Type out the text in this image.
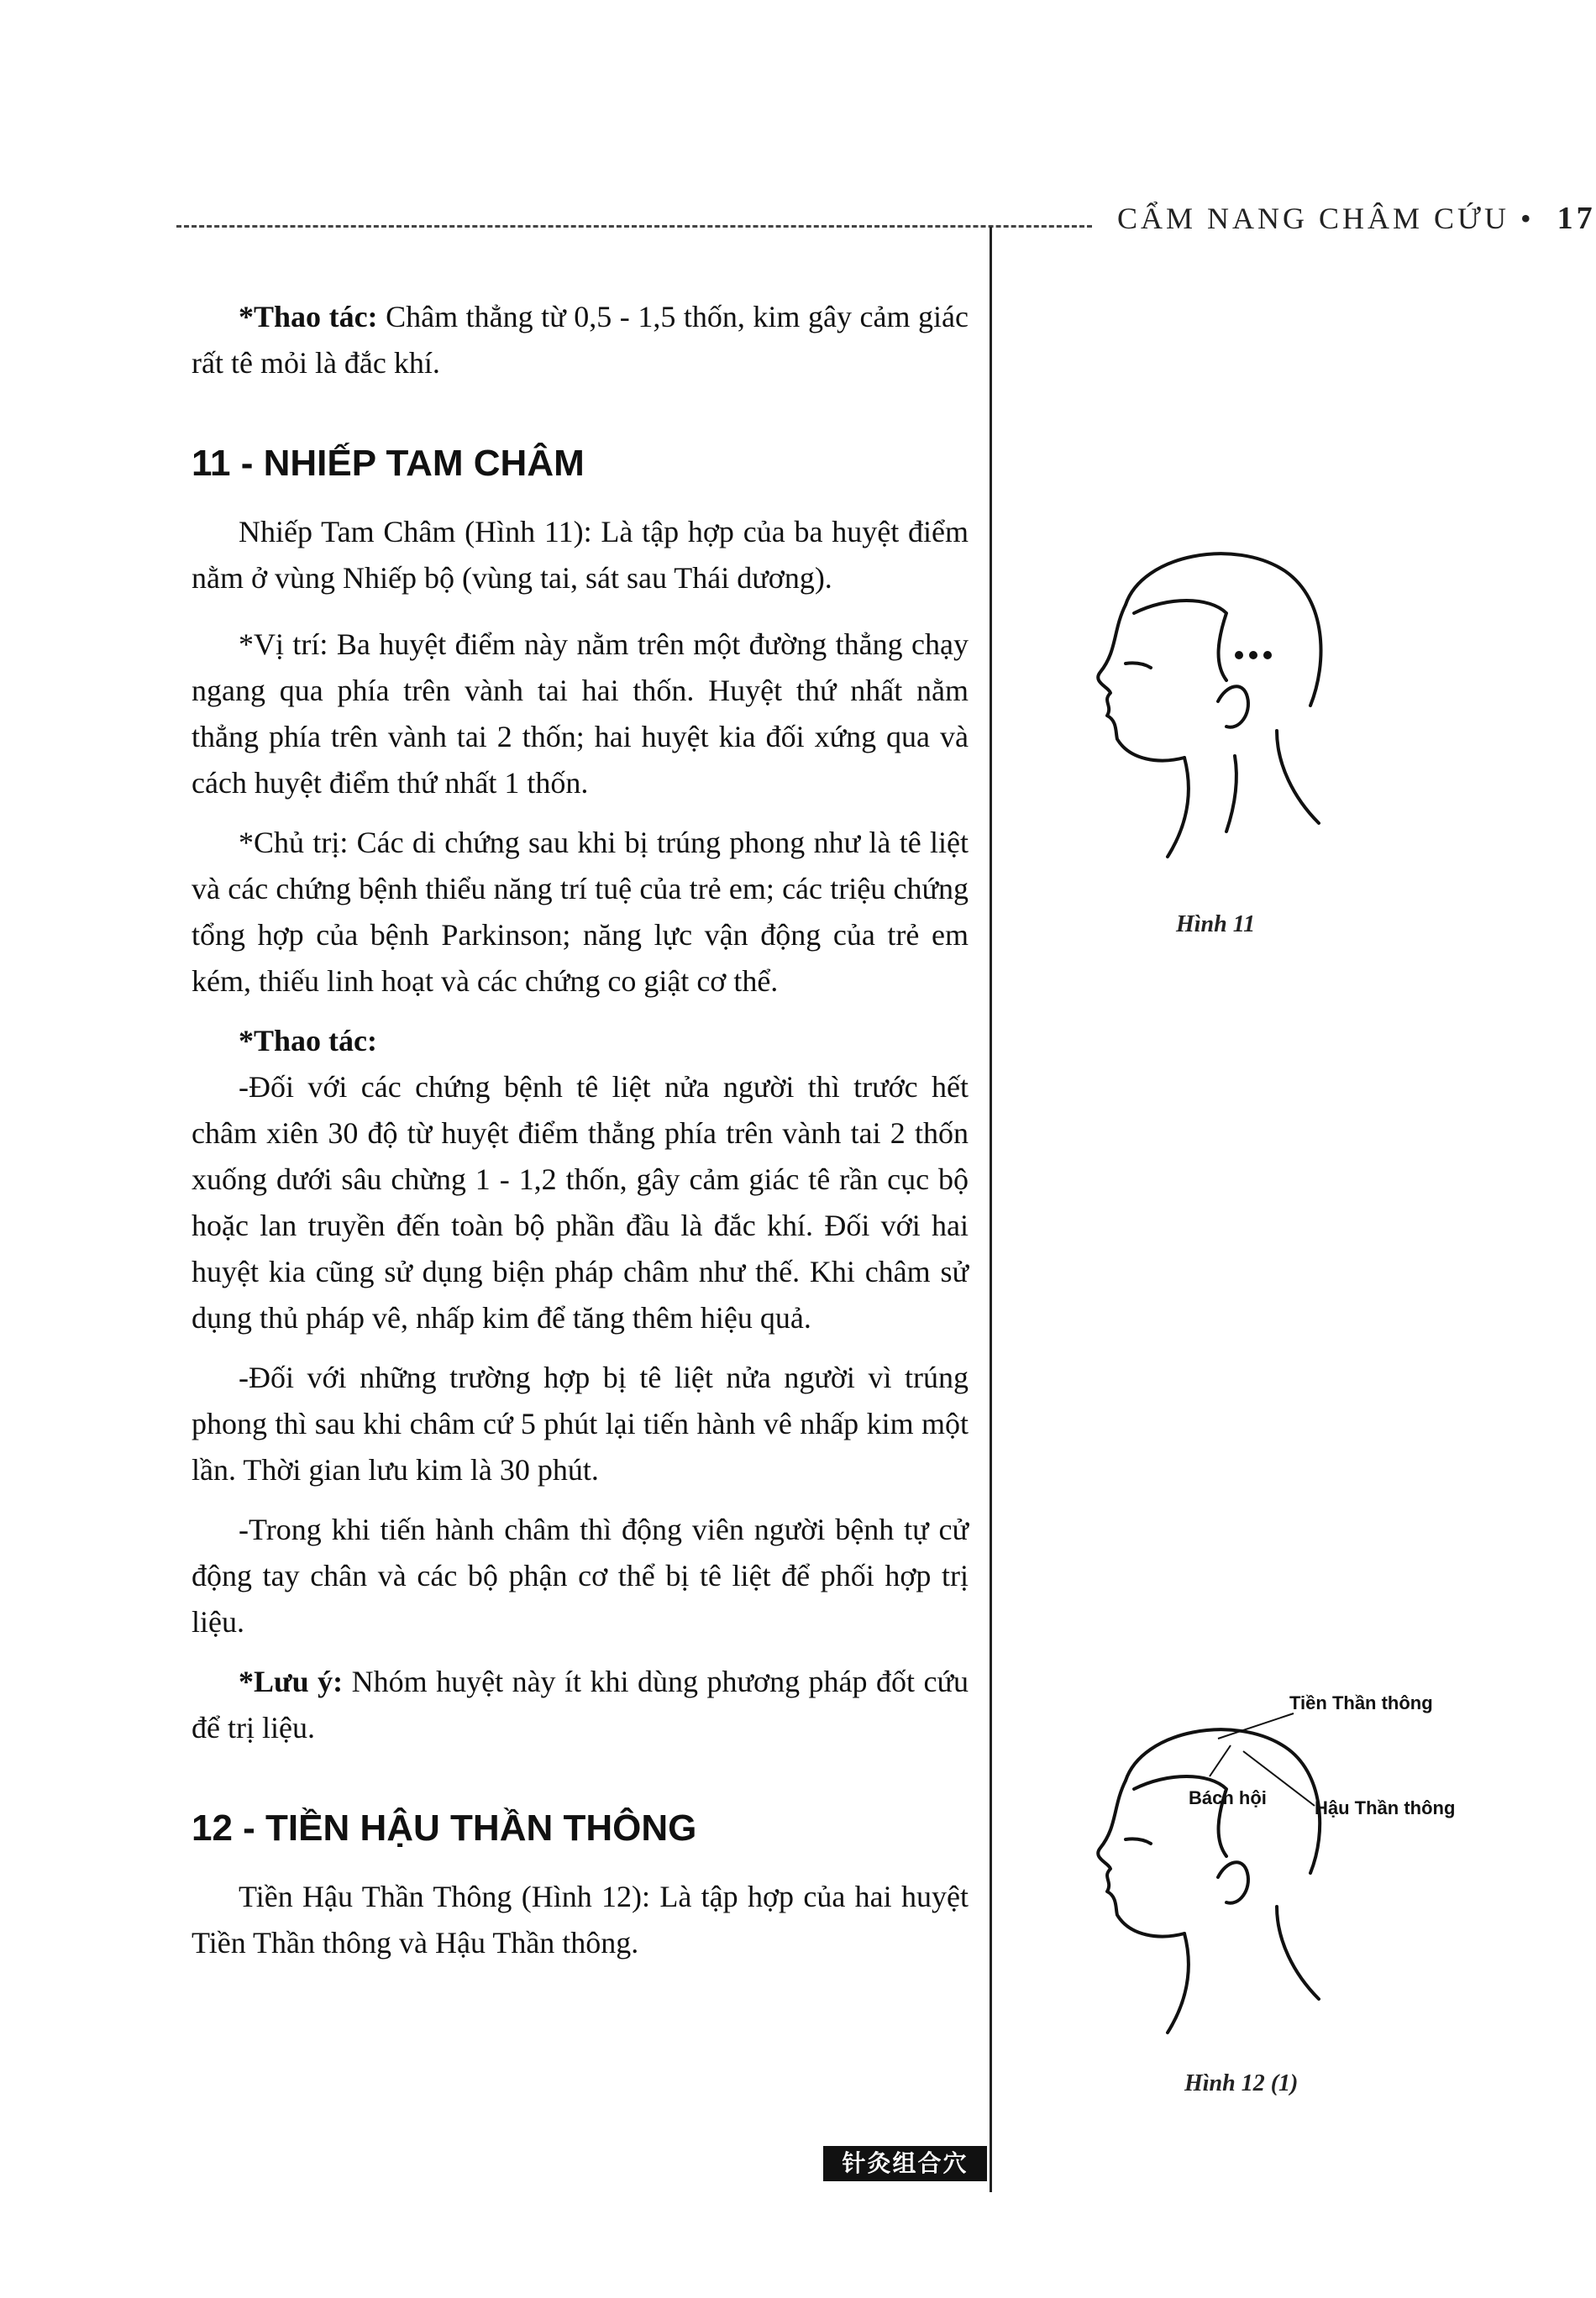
CẨM NANG CHÂM CỨU • 17

*Thao tác: Châm thẳng từ 0,5 - 1,5 thốn, kim gây cảm giác rất tê mỏi là đắc khí.

11 - NHIẾP TAM CHÂM

Nhiếp Tam Châm (Hình 11): Là tập hợp của ba huyệt điểm nằm ở vùng Nhiếp bộ (vùng tai, sát sau Thái dương).

*Vị trí: Ba huyệt điểm này nằm trên một đường thẳng chạy ngang qua phía trên vành tai hai thốn. Huyệt thứ nhất nằm thẳng phía trên vành tai 2 thốn; hai huyệt kia đối xứng qua và cách huyệt điểm thứ nhất 1 thốn.

*Chủ trị: Các di chứng sau khi bị trúng phong như là tê liệt và các chứng bệnh thiểu năng trí tuệ của trẻ em; các triệu chứng tổng hợp của bệnh Parkinson; năng lực vận động của trẻ em kém, thiếu linh hoạt và các chứng co giật cơ thể.

*Thao tác:

-Đối với các chứng bệnh tê liệt nửa người thì trước hết châm xiên 30 độ từ huyệt điểm thẳng phía trên vành tai 2 thốn xuống dưới sâu chừng 1 - 1,2 thốn, gây cảm giác tê rần cục bộ hoặc lan truyền đến toàn bộ phần đầu là đắc khí. Đối với hai huyệt kia cũng sử dụng biện pháp châm như thế. Khi châm sử dụng thủ pháp vê, nhấp kim để tăng thêm hiệu quả.

-Đối với những trường hợp bị tê liệt nửa người vì trúng phong thì sau khi châm cứ 5 phút lại tiến hành vê nhấp kim một lần. Thời gian lưu kim là 30 phút.

-Trong khi tiến hành châm thì động viên người bệnh tự cử động tay chân và các bộ phận cơ thể bị tê liệt để phối hợp trị liệu.

*Lưu ý: Nhóm huyệt này ít khi dùng phương pháp đốt cứu để trị liệu.

12 - TIỀN HẬU THẦN THÔNG

Tiền Hậu Thần Thông (Hình 12): Là tập hợp của hai huyệt Tiền Thần thông và Hậu Thần thông.

Hình 11
Tiền Thần thông
Bách hội	Hậu Thần thông
Hình 12 (1)
针灸组合穴
